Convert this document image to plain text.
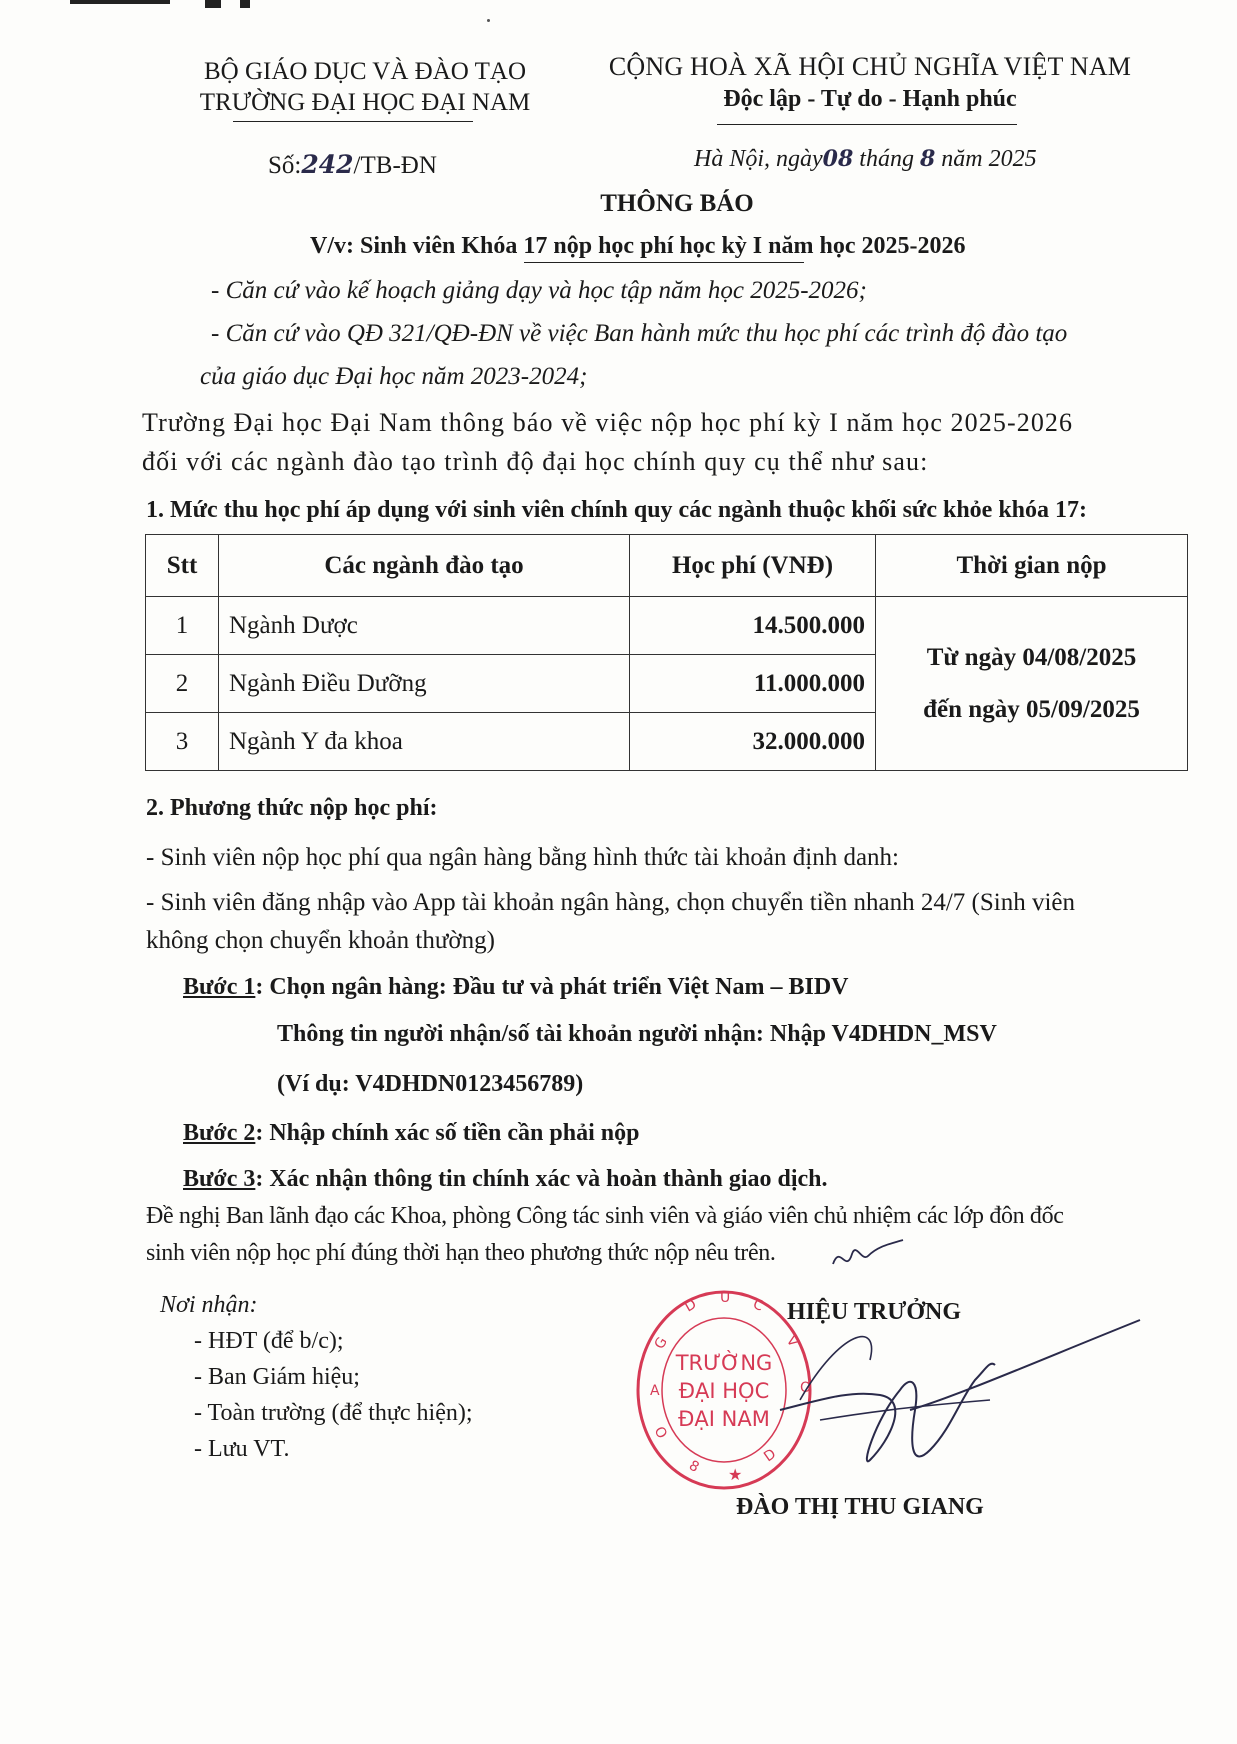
BỘ GIÁO DỤC VÀ ĐÀO TẠO
TRƯỜNG ĐẠI HỌC ĐẠI NAM
CỘNG HOÀ XÃ HỘI CHỦ NGHĨA VIỆT NAM
Độc lập - Tự do - Hạnh phúc
Số:242/TB-ĐN	Hà Nội, ngày08 tháng 8 năm 2025
THÔNG BÁO
V/v: Sinh viên Khóa 17 nộp học phí học kỳ I năm học 2025-2026
- Căn cứ vào kế hoạch giảng dạy và học tập năm học 2025-2026;
- Căn cứ vào QĐ 321/QĐ-ĐN về việc Ban hành mức thu học phí các trình độ đào tạo
của giáo dục Đại học năm 2023-2024;
Trường Đại học Đại Nam thông báo về việc nộp học phí kỳ I năm học 2025-2026
đối với các ngành đào tạo trình độ đại học chính quy cụ thể như sau:
1. Mức thu học phí áp dụng với sinh viên chính quy các ngành thuộc khối sức khỏe khóa 17:
Stt	Các ngành đào tạo	Học phí (VNĐ)	Thời gian nộp
1	Ngành Dược	14.500.000	Từ ngày 04/08/2025
đến ngày 05/09/2025

2	Ngành Điều Dưỡng	11.000.000	
3	Ngành Y đa khoa	32.000.000	
2. Phương thức nộp học phí:
- Sinh viên nộp học phí qua ngân hàng bằng hình thức tài khoản định danh:
- Sinh viên đăng nhập vào App tài khoản ngân hàng, chọn chuyển tiền nhanh 24/7 (Sinh viên
không chọn chuyển khoản thường)
Bước 1: Chọn ngân hàng: Đầu tư và phát triển Việt Nam – BIDV
Thông tin người nhận/số tài khoản người nhận: Nhập V4DHDN_MSV
(Ví dụ: V4DHDN0123456789)
Bước 2: Nhập chính xác số tiền cần phải nộp
Bước 3: Xác nhận thông tin chính xác và hoàn thành giao dịch.
Đề nghị Ban lãnh đạo các Khoa, phòng Công tác sinh viên và giáo viên chủ nhiệm các lớp đôn đốc
sinh viên nộp học phí đúng thời hạn theo phương thức nộp nêu trên.
Nơi nhận:
- HĐT (để b/c);
- Ban Giám hiệu;
- Toàn trường (để thực hiện);
- Lưu VT.
HIỆU TRƯỞNG
TRƯỜNG
ĐẠI HỌC
ĐẠI NAM
G
D U C
V
O
A
O
8 ★
D
ĐÀO THỊ THU GIANG
